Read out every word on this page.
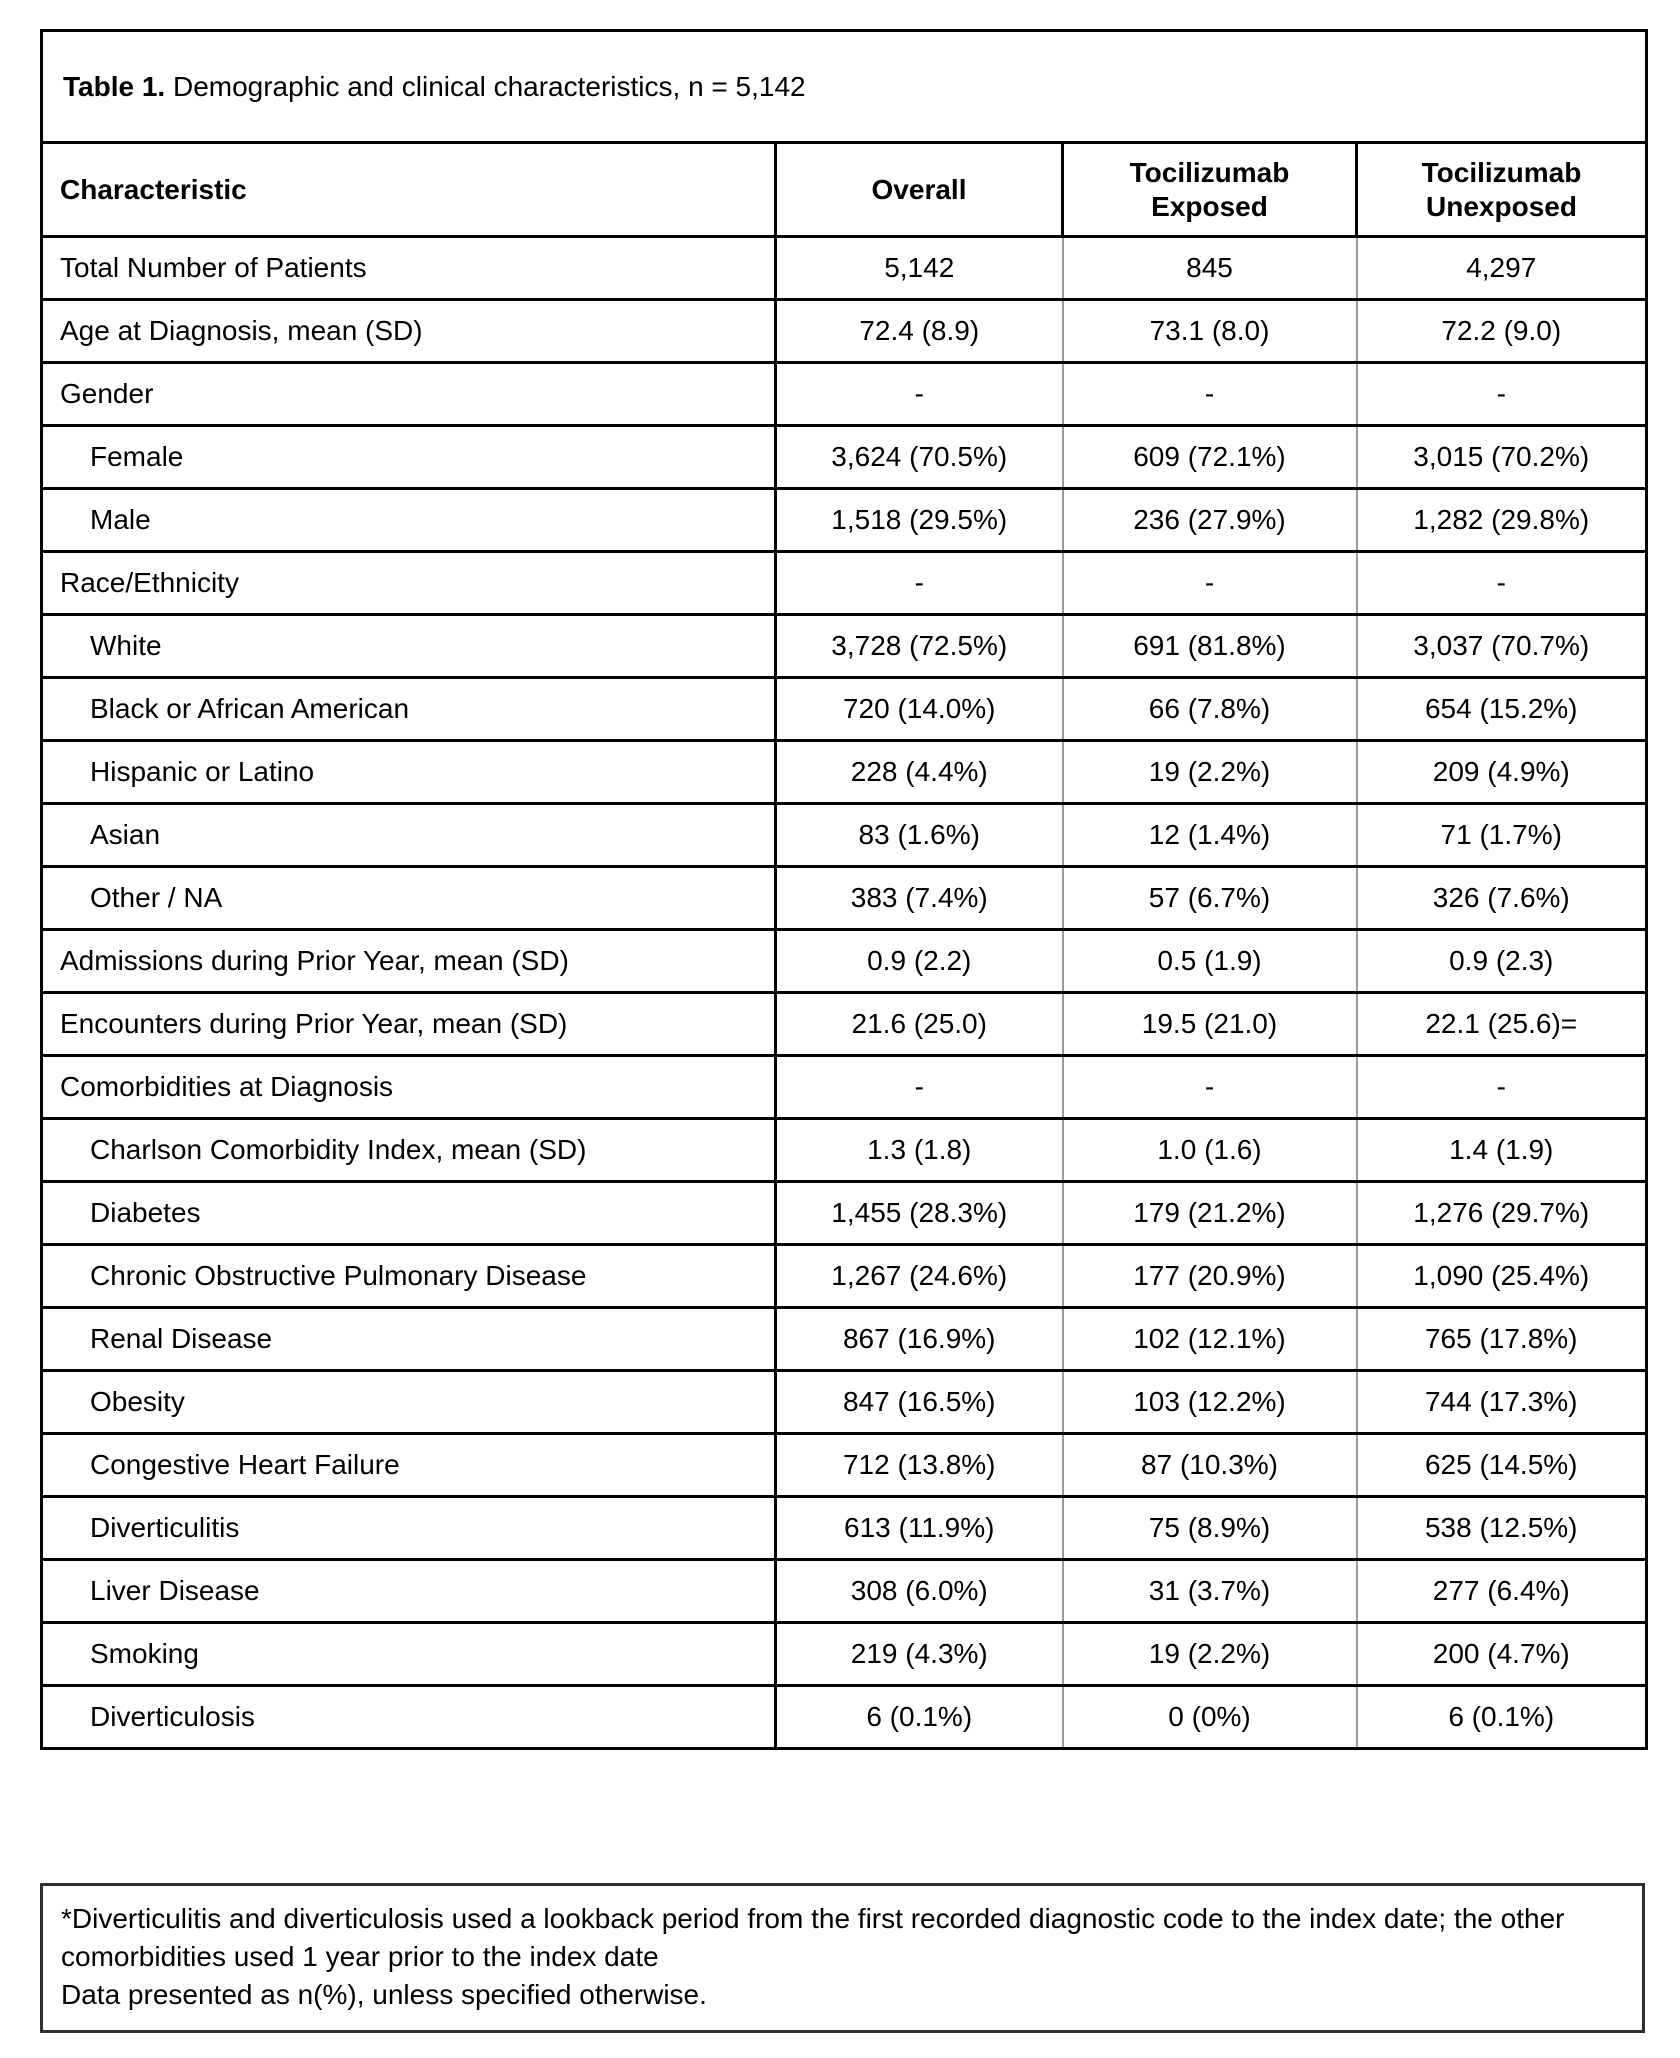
Table 1. Demographic and clinical characteristics, n = 5,142			
Characteristic	Overall	Tocilizumab Exposed	Tocilizumab Unexposed
Total Number of Patients	5,142	845	4,297
Age at Diagnosis, mean (SD)	72.4 (8.9)	73.1 (8.0)	72.2 (9.0)
Gender	-	-	-
Female	3,624 (70.5%)	609 (72.1%)	3,015 (70.2%)
Male	1,518 (29.5%)	236 (27.9%)	1,282 (29.8%)
Race/Ethnicity	-	-	-
White	3,728 (72.5%)	691 (81.8%)	3,037 (70.7%)
Black or African American	720 (14.0%)	66 (7.8%)	654 (15.2%)
Hispanic or Latino	228 (4.4%)	19 (2.2%)	209 (4.9%)
Asian	83 (1.6%)	12 (1.4%)	71 (1.7%)
Other / NA	383 (7.4%)	57 (6.7%)	326 (7.6%)
Admissions during Prior Year, mean (SD)	0.9 (2.2)	0.5 (1.9)	0.9 (2.3)
Encounters during Prior Year, mean (SD)	21.6 (25.0)	19.5 (21.0)	22.1 (25.6)=
Comorbidities at Diagnosis	-	-	-
Charlson Comorbidity Index, mean (SD)	1.3 (1.8)	1.0 (1.6)	1.4 (1.9)
Diabetes	1,455 (28.3%)	179 (21.2%)	1,276 (29.7%)
Chronic Obstructive Pulmonary Disease	1,267 (24.6%)	177 (20.9%)	1,090 (25.4%)
Renal Disease	867 (16.9%)	102 (12.1%)	765 (17.8%)
Obesity	847 (16.5%)	103 (12.2%)	744 (17.3%)
Congestive Heart Failure	712 (13.8%)	87 (10.3%)	625 (14.5%)
Diverticulitis	613 (11.9%)	75 (8.9%)	538 (12.5%)
Liver Disease	308 (6.0%)	31 (3.7%)	277 (6.4%)
Smoking	219 (4.3%)	19 (2.2%)	200 (4.7%)
Diverticulosis	6 (0.1%)	0 (0%)	6 (0.1%)

*Diverticulitis and diverticulosis used a lookback period from the first recorded diagnostic code to the index date; the other comorbidities used 1 year prior to the index date

Data presented as n(%), unless specified otherwise.
